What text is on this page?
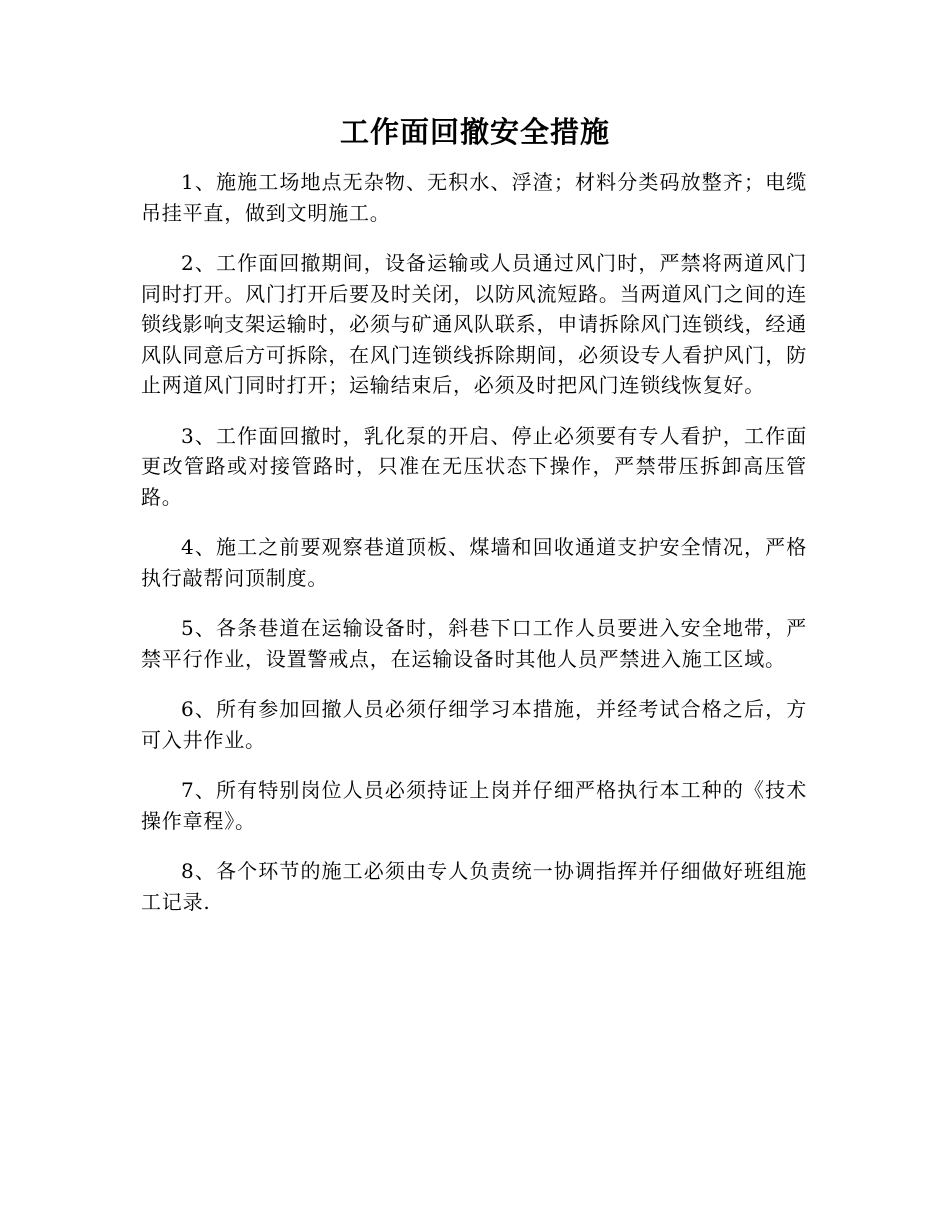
工作面回撤安全措施

1、施施工场地点无杂物、无积水、浮渣；材料分类码放整齐；电缆吊挂平直，做到文明施工。

2、工作面回撤期间，设备运输或人员通过风门时，严禁将两道风门同时打开。风门打开后要及时关闭，以防风流短路。当两道风门之间的连锁线影响支架运输时，必须与矿通风队联系，申请拆除风门连锁线，经通风队同意后方可拆除，在风门连锁线拆除期间，必须设专人看护风门，防止两道风门同时打开；运输结束后，必须及时把风门连锁线恢复好。

3、工作面回撤时，乳化泵的开启、停止必须要有专人看护，工作面更改管路或对接管路时，只准在无压状态下操作，严禁带压拆卸高压管路。

4、施工之前要观察巷道顶板、煤墙和回收通道支护安全情况，严格执行敲帮问顶制度。

5、各条巷道在运输设备时，斜巷下口工作人员要进入安全地带，严禁平行作业，设置警戒点，在运输设备时其他人员严禁进入施工区域。

6、所有参加回撤人员必须仔细学习本措施，并经考试合格之后，方可入井作业。

7、所有特别岗位人员必须持证上岗并仔细严格执行本工种的《技术操作章程》。

8、各个环节的施工必须由专人负责统一协调指挥并仔细做好班组施工记录.
